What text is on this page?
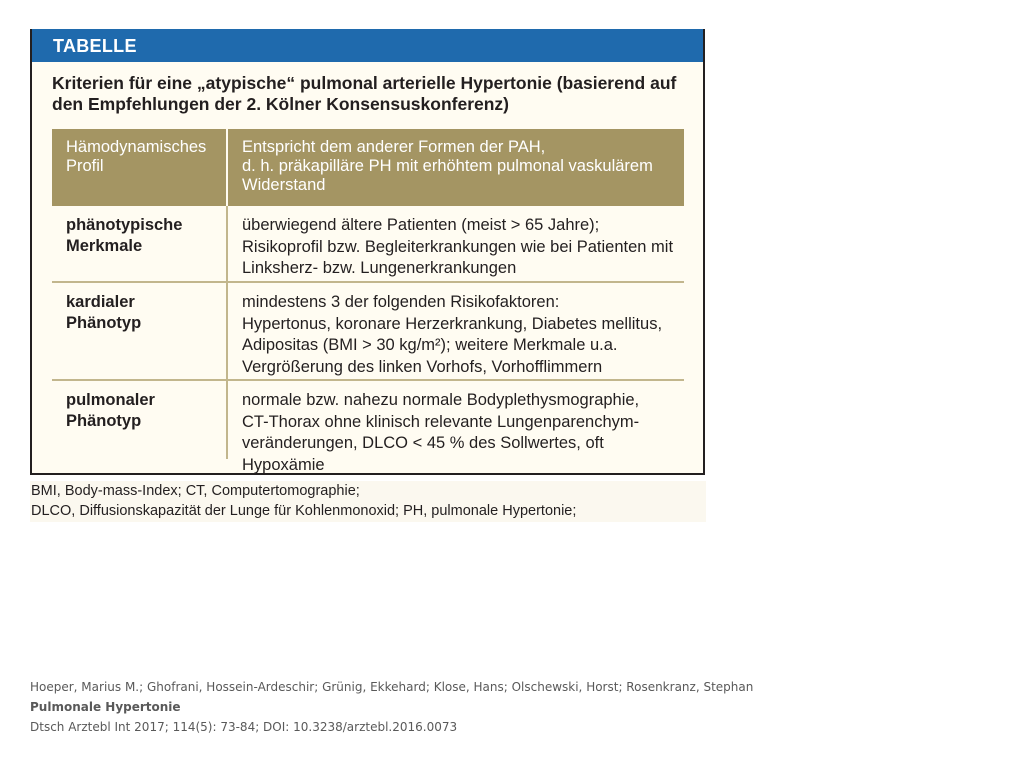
TABELLE
Kriterien für eine „atypische“ pulmonal arterielle Hypertonie (basierend auf
den Empfehlungen der 2. Kölner Konsensuskonferenz)
Hämodynamisches
Profil
Entspricht dem anderer Formen der PAH,
d. h. präkapilläre PH mit erhöhtem pulmonal vaskulärem
Widerstand
phänotypische
Merkmale
überwiegend ältere Patienten (meist > 65 Jahre);
Risikoprofil bzw. Begleiterkrankungen wie bei Patienten mit
Linksherz- bzw. Lungenerkrankungen
kardialer
Phänotyp
mindestens 3 der folgenden Risikofaktoren:
Hypertonus, koronare Herzerkrankung, Diabetes mellitus,
Adipositas (BMI > 30 kg/m²); weitere Merkmale u.a.
Vergrößerung des linken Vorhofs, Vorhofflimmern
pulmonaler
Phänotyp
normale bzw. nahezu normale Bodyplethysmographie,
CT-Thorax ohne klinisch relevante Lungenparenchym-
veränderungen, DLCO < 45 % des Sollwertes, oft Hypoxämie
BMI, Body-mass-Index; CT, Computertomographie;
DLCO, Diffusionskapazität der Lunge für Kohlenmonoxid; PH, pulmonale Hypertonie;
Hoeper, Marius M.; Ghofrani, Hossein-Ardeschir; Grünig, Ekkehard; Klose, Hans; Olschewski, Horst; Rosenkranz, Stephan
Pulmonale Hypertonie
Dtsch Arztebl Int 2017; 114(5): 73-84; DOI: 10.3238/arztebl.2016.0073
